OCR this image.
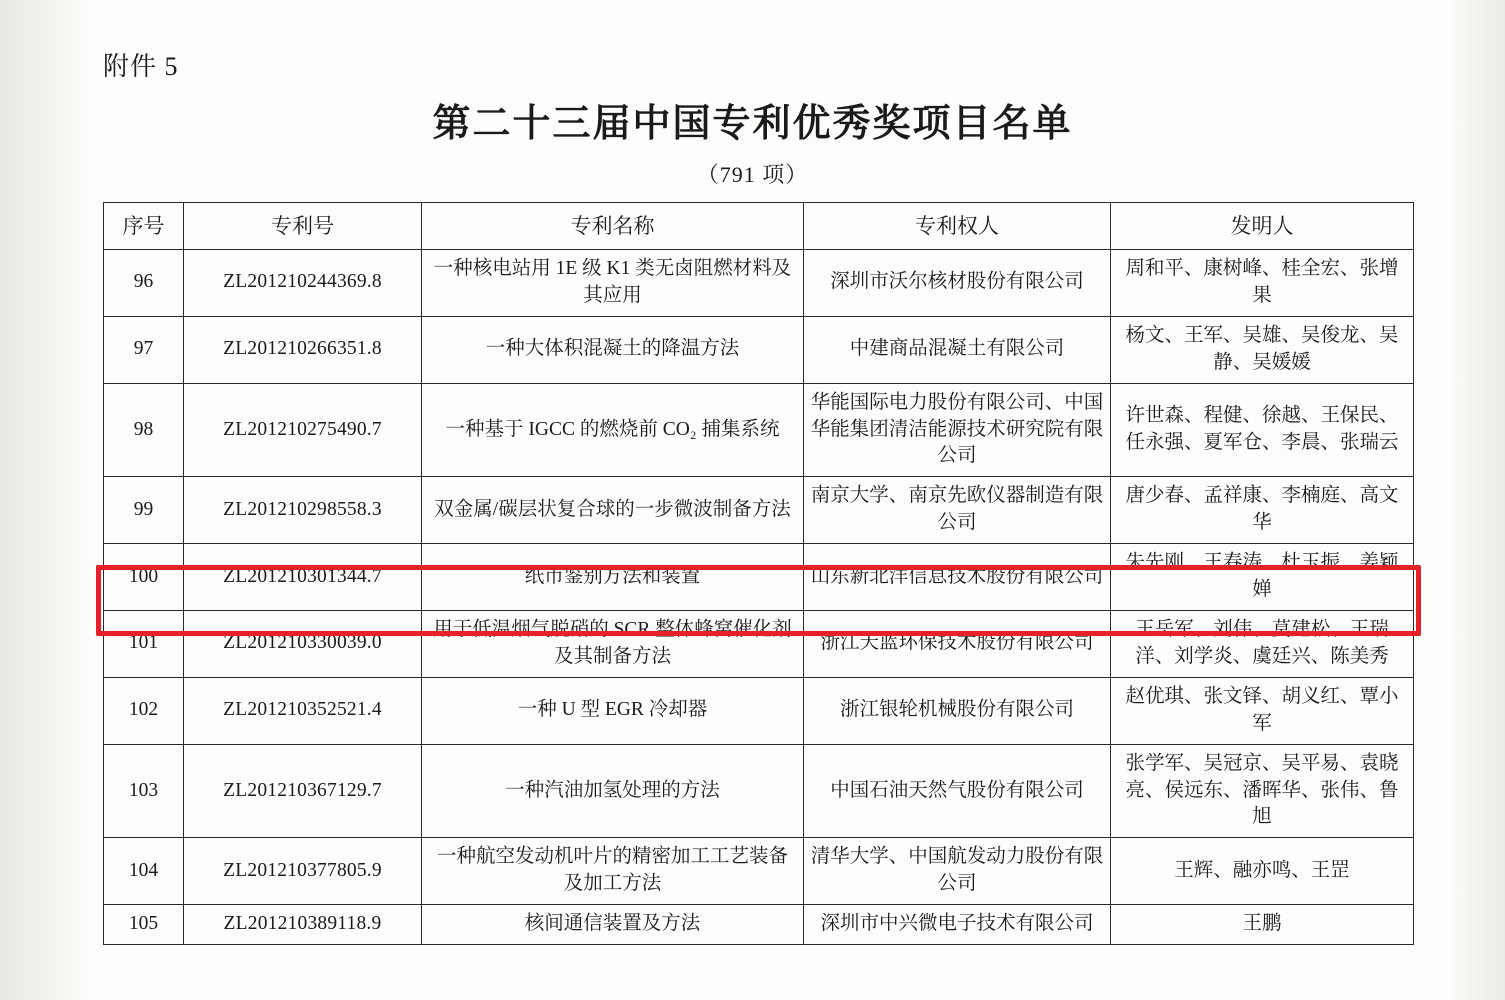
附件 5
第二十三届中国专利优秀奖项目名单
（791 项）
序号	专利号	专利名称	专利权人	发明人
96	ZL201210244369.8	一种核电站用 1E 级 K1 类无卤阻燃材料及其应用	深圳市沃尔核材股份有限公司	周和平、康树峰、桂全宏、张增果
97	ZL201210266351.8	一种大体积混凝土的降温方法	中建商品混凝土有限公司	杨文、王军、吴雄、吴俊龙、吴静、吴媛媛
98	ZL201210275490.7	一种基于 IGCC 的燃烧前 CO₂ 捕集系统	华能国际电力股份有限公司、中国华能集团清洁能源技术研究院有限公司	许世森、程健、徐越、王保民、任永强、夏军仓、李晨、张瑞云
99	ZL201210298558.3	双金属/碳层状复合球的一步微波制备方法	南京大学、南京先欧仪器制造有限公司	唐少春、孟祥康、李楠庭、高文华
100	ZL201210301344.7	纸币鉴别方法和装置	山东新北洋信息技术股份有限公司	朱先刚、王春涛、杜玉振、姜颖婵
101	ZL201210330039.0	用于低温烟气脱硝的 SCR 整体蜂窝催化剂及其制备方法	浙江天蓝环保技术股份有限公司	王岳军、刘伟、莫建松、王瑞洋、刘学炎、虞廷兴、陈美秀
102	ZL201210352521.4	一种 U 型 EGR 冷却器	浙江银轮机械股份有限公司	赵优琪、张文铎、胡义红、覃小军
103	ZL201210367129.7	一种汽油加氢处理的方法	中国石油天然气股份有限公司	张学军、吴冠京、吴平易、袁晓亮、侯远东、潘晖华、张伟、鲁旭
104	ZL201210377805.9	一种航空发动机叶片的精密加工工艺装备及加工方法	清华大学、中国航发动力股份有限公司	王辉、融亦鸣、王罡
105	ZL201210389118.9	核间通信装置及方法	深圳市中兴微电子技术有限公司	王鹏
